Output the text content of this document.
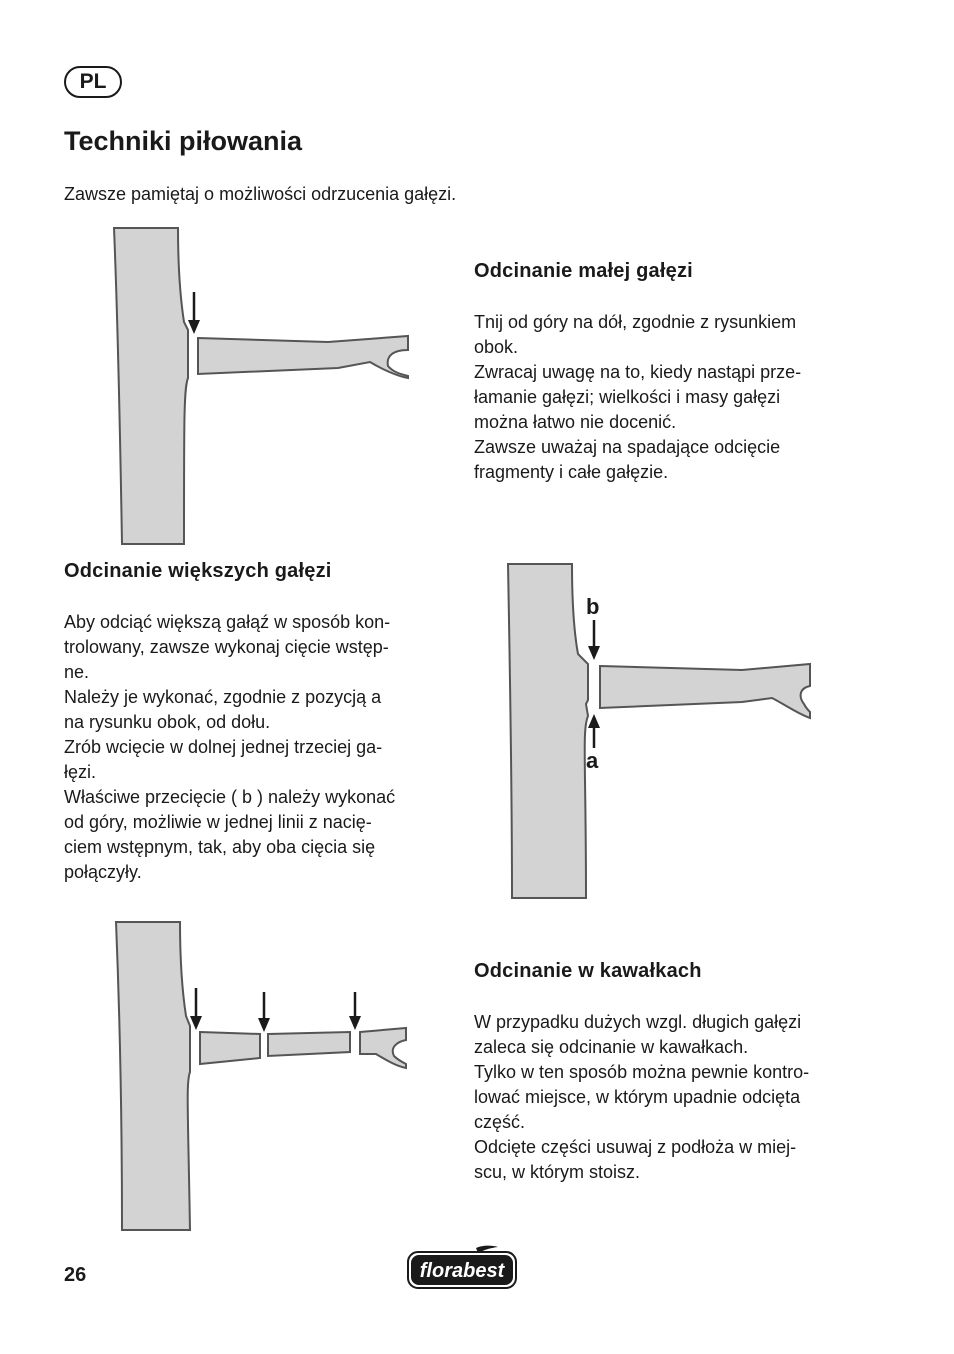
PL
Techniki piłowania

Zawsze pamiętaj o możliwości odrzucenia gałęzi.

Odcinanie małej gałęzi

Tnij od góry na dół, zgodnie z rysunkiem

obok.

Zwracaj uwagę na to, kiedy nastąpi prze-

łamanie gałęzi; wielkości i masy gałęzi

można łatwo nie docenić.

Zawsze uważaj na spadające odcięcie

fragmenty i całe gałęzie.

Odcinanie większych gałęzi

Aby odciąć większą gałąź w sposób kon-

trolowany, zawsze wykonaj cięcie wstęp-

ne.

Należy je wykonać, zgodnie z pozycją a

na rysunku obok, od dołu.

Zrób wcięcie w dolnej jednej trzeciej ga-

łęzi.

Właściwe przecięcie ( b ) należy wykonać

od góry, możliwie w jednej linii z nacię-

ciem wstępnym, tak, aby oba cięcia się

połączyły.

b
a
Odcinanie w kawałkach

W przypadku dużych wzgl. długich gałęzi

zaleca się odcinanie w kawałkach.

Tylko w ten sposób można pewnie kontro-

lować miejsce, w którym upadnie odcięta

część.

Odcięte części usuwaj z podłoża w miej-

scu, w którym stoisz.

26	florabest
